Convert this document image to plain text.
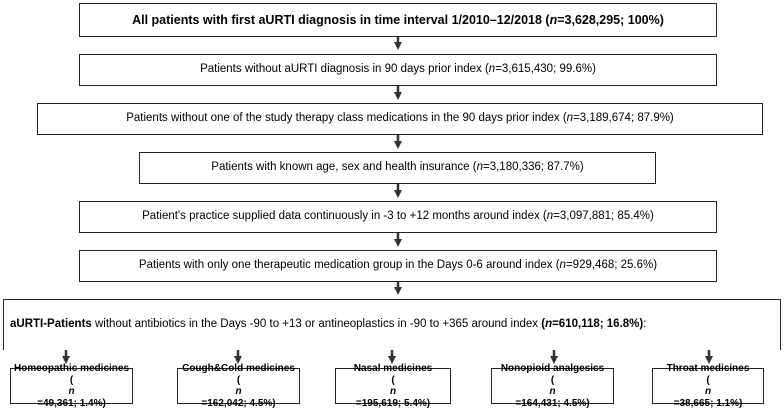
All patients with first aURTI diagnosis in time interval 1/2010–12/2018 (n=3,628,295; 100%)
Patients without aURTI diagnosis in 90 days prior index (n=3,615,430; 99.6%)
Patients without one of the study therapy class medications in the 90 days prior index (n=3,189,674; 87.9%)
Patients with known age, sex and health insurance (n=3,180,336; 87.7%)
Patient's practice supplied data continuously in -3 to +12 months around index (n=3,097,881; 85.4%)
Patients with only one therapeutic medication group in the Days 0-6 around index (n=929,468; 25.6%)
aURTI-Patients without antibiotics in the Days -90 to +13 or antineoplastics in -90 to +365 around index (n=610,118; 16.8%):
Homeopathic medicines
(
n
=49,361; 1.4%)
Cough&Cold medicines
(
n
=162,042; 4.5%)
Nasal medicines
(
n
=195,619; 5.4%)
Nonopioid analgesics
(
n
=164,431; 4.5%)
Throat medicines
(
n
=38,665; 1.1%)
